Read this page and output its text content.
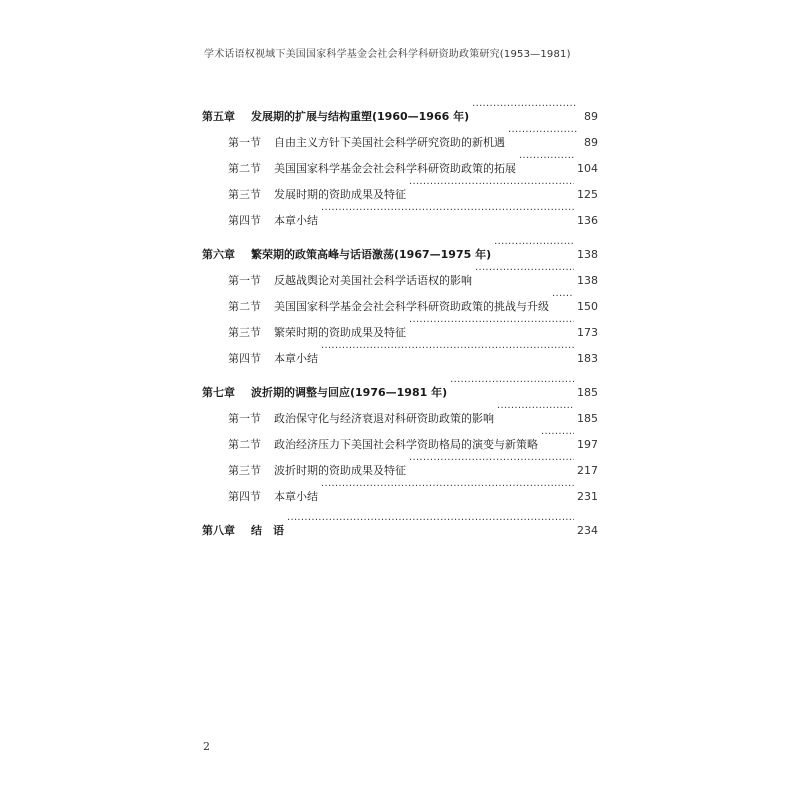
学术话语权视域下美国国家科学基金会社会科学科研资助政策研究(1953—1981)
第五章	发展期的扩展与结构重塑(1960—1966 年) ·····	89
第一节	自由主义方针下美国社会科学研究资助的新机遇 ·····	89
第二节	美国国家科学基金会社会科学科研资助政策的拓展 ·····	104
第三节	发展时期的资助成果及特征 ·····	125
第四节	本章小结 ·····	136
第六章	繁荣期的政策高峰与话语激荡(1967—1975 年) ·····	138
第一节	反越战舆论对美国社会科学话语权的影响 ·····	138
第二节	美国国家科学基金会社会科学科研资助政策的挑战与升级 ·····	150
第三节	繁荣时期的资助成果及特征 ·····	173
第四节	本章小结 ·····	183
第七章	波折期的调整与回应(1976—1981 年) ·····	185
第一节	政治保守化与经济衰退对科研资助政策的影响 ·····	185
第二节	政治经济压力下美国社会科学资助格局的演变与新策略 ·····	197
第三节	波折时期的资助成果及特征 ·····	217
第四节	本章小结 ·····	231
第八章	结　语 ·····	234
2
